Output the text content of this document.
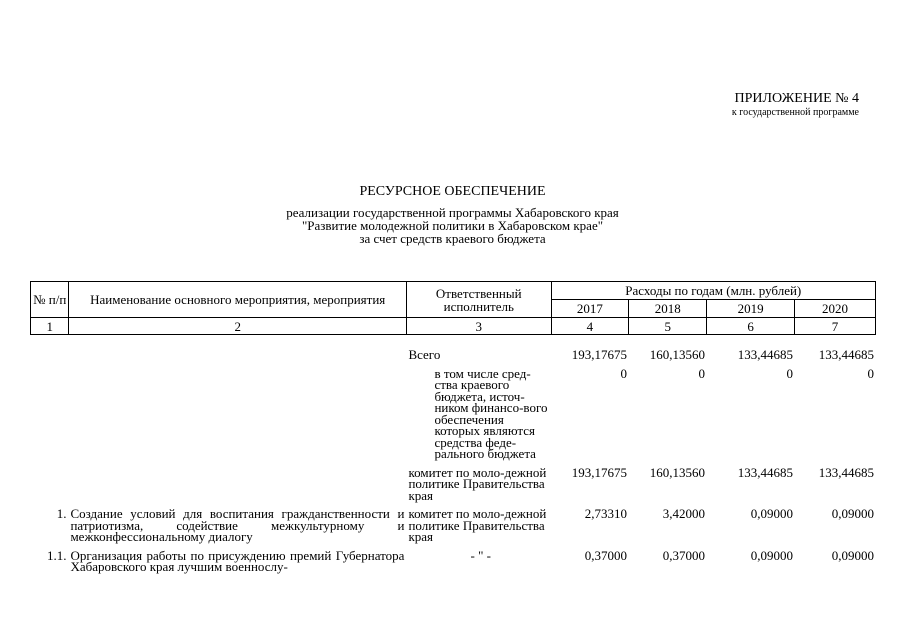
ПРИЛОЖЕНИЕ № 4
к государственной программе
РЕСУРСНОЕ ОБЕСПЕЧЕНИЕ
реализации государственной программы Хабаровского края
"Развитие молодежной политики в Хабаровском крае"
за счет средств краевого бюджета
№ п/п	Наименование основного мероприятия, мероприятия	Ответственный исполнитель	Расходы по годам (млн. рублей)			
			2017	2018	2019	2020
1	2	3	4	5	6	7
		Всего	193,17675	160,13560	133,44685	133,44685
		в том числе сред-ства краевого бюджета, источ-ником финансо-вого обеспечения которых являются средства феде-рального бюджета	0	0	0	0
		комитет по моло-дежной политике Правительства края	193,17675	160,13560	133,44685	133,44685
1.	Создание условий для воспитания гражданственности и патриотизма, содействие межкультурному и межконфессиональному диалогу	комитет по моло-дежной политике Правительства края	2,73310	3,42000	0,09000	0,09000
1.1.	Организация работы по присуждению премий Губернатора Хабаровского края лучшим военнослу-	- " -	0,37000	0,37000	0,09000	0,09000
